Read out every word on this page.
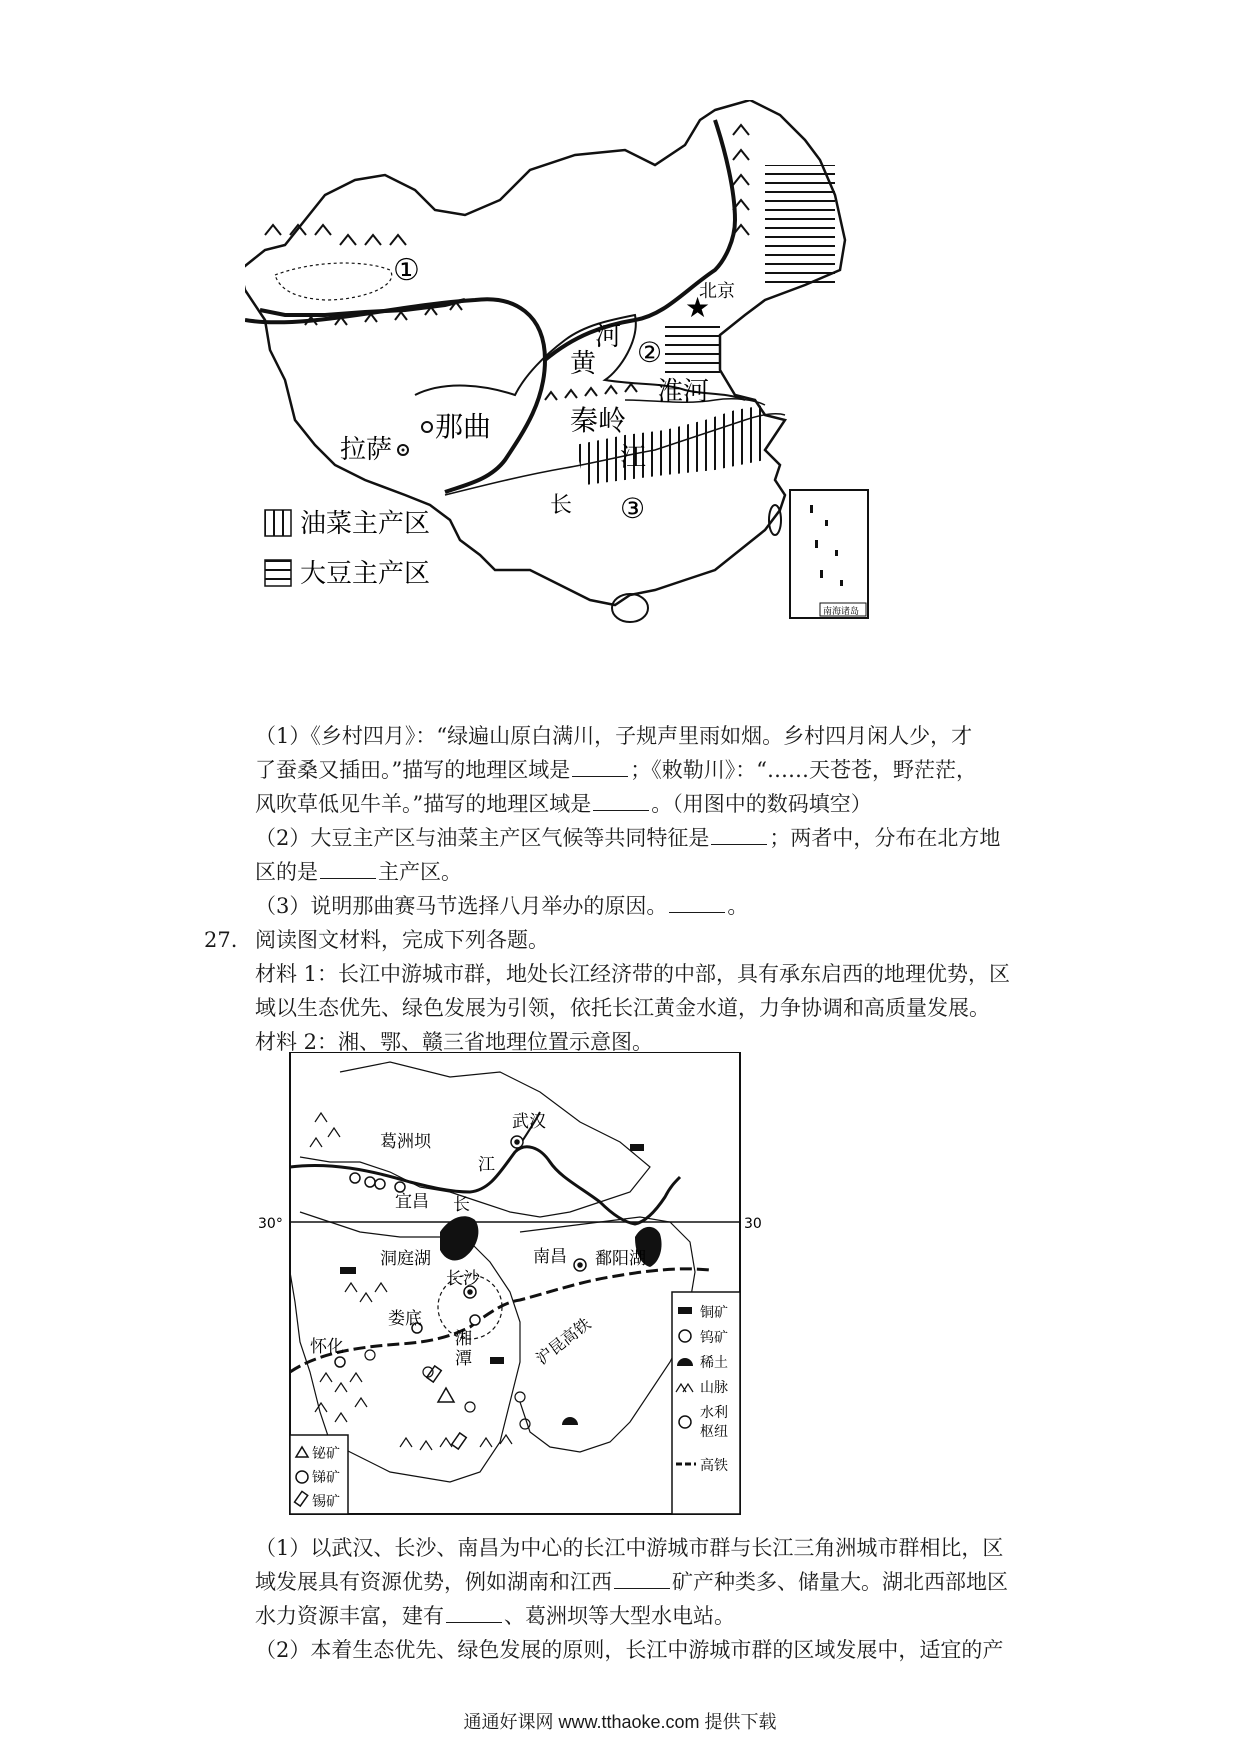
①
②
③
★
北京
河
黄
秦岭
淮河
江
长
拉萨
那曲
油菜主产区
大豆主产区
南海诸岛
（1）《乡村四月》：“绿遍山原白满川，子规声里雨如烟。乡村四月闲人少，才
了蚕桑又插田。”描写的地理区域是	；《敕勒川》：“……天苍苍，野茫茫，
风吹草低见牛羊。”描写的地理区域是	。（用图中的数码填空）
（2）大豆主产区与油菜主产区气候等共同特征是	；两者中，分布在北方地
区的是	主产区。
（3）说明那曲赛马节选择八月举办的原因。	。
27. 阅读图文材料，完成下列各题。
材料 1：长江中游城市群，地处长江经济带的中部，具有承东启西的地理优势，区
域以生态优先、绿色发展为引领，依托长江黄金水道，力争协调和高质量发展。
材料 2：湘、鄂、赣三省地理位置示意图。
30°	30
葛洲坝
宜昌
武汉
江
长
洞庭湖
长沙
南昌 鄱阳湖
怀化
娄底
湘
潭	沪昆高铁
铋矿
锑矿
锡矿
铜矿
钨矿
稀土
山脉
水利
枢纽
高铁
（1）以武汉、长沙、南昌为中心的长江中游城市群与长江三角洲城市群相比，区
域发展具有资源优势，例如湖南和江西	矿产种类多、储量大。湖北西部地区
水力资源丰富，建有	、葛洲坝等大型水电站。
（2）本着生态优先、绿色发展的原则，长江中游城市群的区域发展中，适宜的产
通通好课网 www.tthaoke.com 提供下载
